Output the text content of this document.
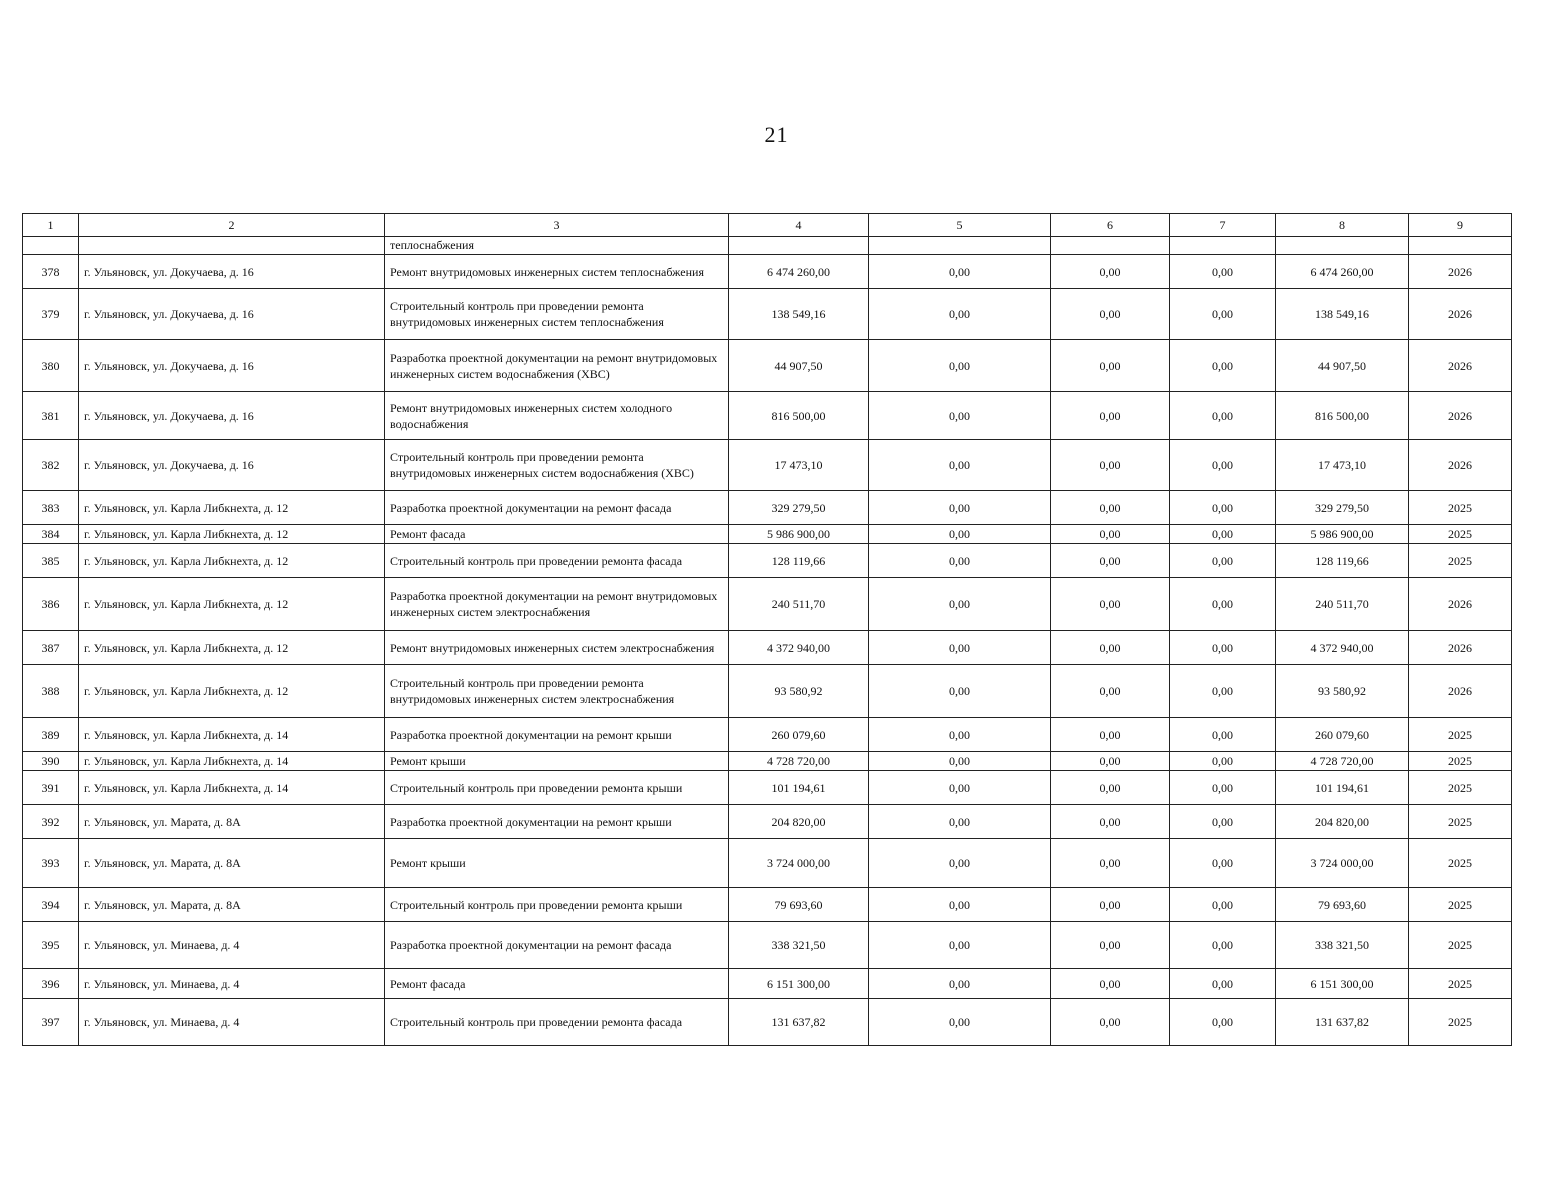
21
1	2	3	4	5	6	7	8	9
		теплоснабжения						
378	г. Ульяновск, ул. Докучаева, д. 16	Ремонт внутридомовых инженерных систем теплоснабжения	6 474 260,00	0,00	0,00	0,00	6 474 260,00	2026
379	г. Ульяновск, ул. Докучаева, д. 16	Строительный контроль при проведении ремонта внутридомовых инженерных систем теплоснабжения	138 549,16	0,00	0,00	0,00	138 549,16	2026
380	г. Ульяновск, ул. Докучаева, д. 16	Разработка проектной документации на ремонт внутридомовых инженерных систем водоснабжения (ХВС)	44 907,50	0,00	0,00	0,00	44 907,50	2026
381	г. Ульяновск, ул. Докучаева, д. 16	Ремонт внутридомовых инженерных систем холодного водоснабжения	816 500,00	0,00	0,00	0,00	816 500,00	2026
382	г. Ульяновск, ул. Докучаева, д. 16	Строительный контроль при проведении ремонта внутридомовых инженерных систем водоснабжения (ХВС)	17 473,10	0,00	0,00	0,00	17 473,10	2026
383	г. Ульяновск, ул. Карла Либкнехта, д. 12	Разработка проектной документации на ремонт фасада	329 279,50	0,00	0,00	0,00	329 279,50	2025
384	г. Ульяновск, ул. Карла Либкнехта, д. 12	Ремонт фасада	5 986 900,00	0,00	0,00	0,00	5 986 900,00	2025
385	г. Ульяновск, ул. Карла Либкнехта, д. 12	Строительный контроль при проведении ремонта фасада	128 119,66	0,00	0,00	0,00	128 119,66	2025
386	г. Ульяновск, ул. Карла Либкнехта, д. 12	Разработка проектной документации на ремонт внутридомовых инженерных систем электроснабжения	240 511,70	0,00	0,00	0,00	240 511,70	2026
387	г. Ульяновск, ул. Карла Либкнехта, д. 12	Ремонт внутридомовых инженерных систем электроснабжения	4 372 940,00	0,00	0,00	0,00	4 372 940,00	2026
388	г. Ульяновск, ул. Карла Либкнехта, д. 12	Строительный контроль при проведении ремонта внутридомовых инженерных систем электроснабжения	93 580,92	0,00	0,00	0,00	93 580,92	2026
389	г. Ульяновск, ул. Карла Либкнехта, д. 14	Разработка проектной документации на ремонт крыши	260 079,60	0,00	0,00	0,00	260 079,60	2025
390	г. Ульяновск, ул. Карла Либкнехта, д. 14	Ремонт крыши	4 728 720,00	0,00	0,00	0,00	4 728 720,00	2025
391	г. Ульяновск, ул. Карла Либкнехта, д. 14	Строительный контроль при проведении ремонта крыши	101 194,61	0,00	0,00	0,00	101 194,61	2025
392	г. Ульяновск, ул. Марата, д. 8А	Разработка проектной документации на ремонт крыши	204 820,00	0,00	0,00	0,00	204 820,00	2025
393	г. Ульяновск, ул. Марата, д. 8А	Ремонт крыши	3 724 000,00	0,00	0,00	0,00	3 724 000,00	2025
394	г. Ульяновск, ул. Марата, д. 8А	Строительный контроль при проведении ремонта крыши	79 693,60	0,00	0,00	0,00	79 693,60	2025
395	г. Ульяновск, ул. Минаева, д. 4	Разработка проектной документации на ремонт фасада	338 321,50	0,00	0,00	0,00	338 321,50	2025
396	г. Ульяновск, ул. Минаева, д. 4	Ремонт фасада	6 151 300,00	0,00	0,00	0,00	6 151 300,00	2025
397	г. Ульяновск, ул. Минаева, д. 4	Строительный контроль при проведении ремонта фасада	131 637,82	0,00	0,00	0,00	131 637,82	2025
